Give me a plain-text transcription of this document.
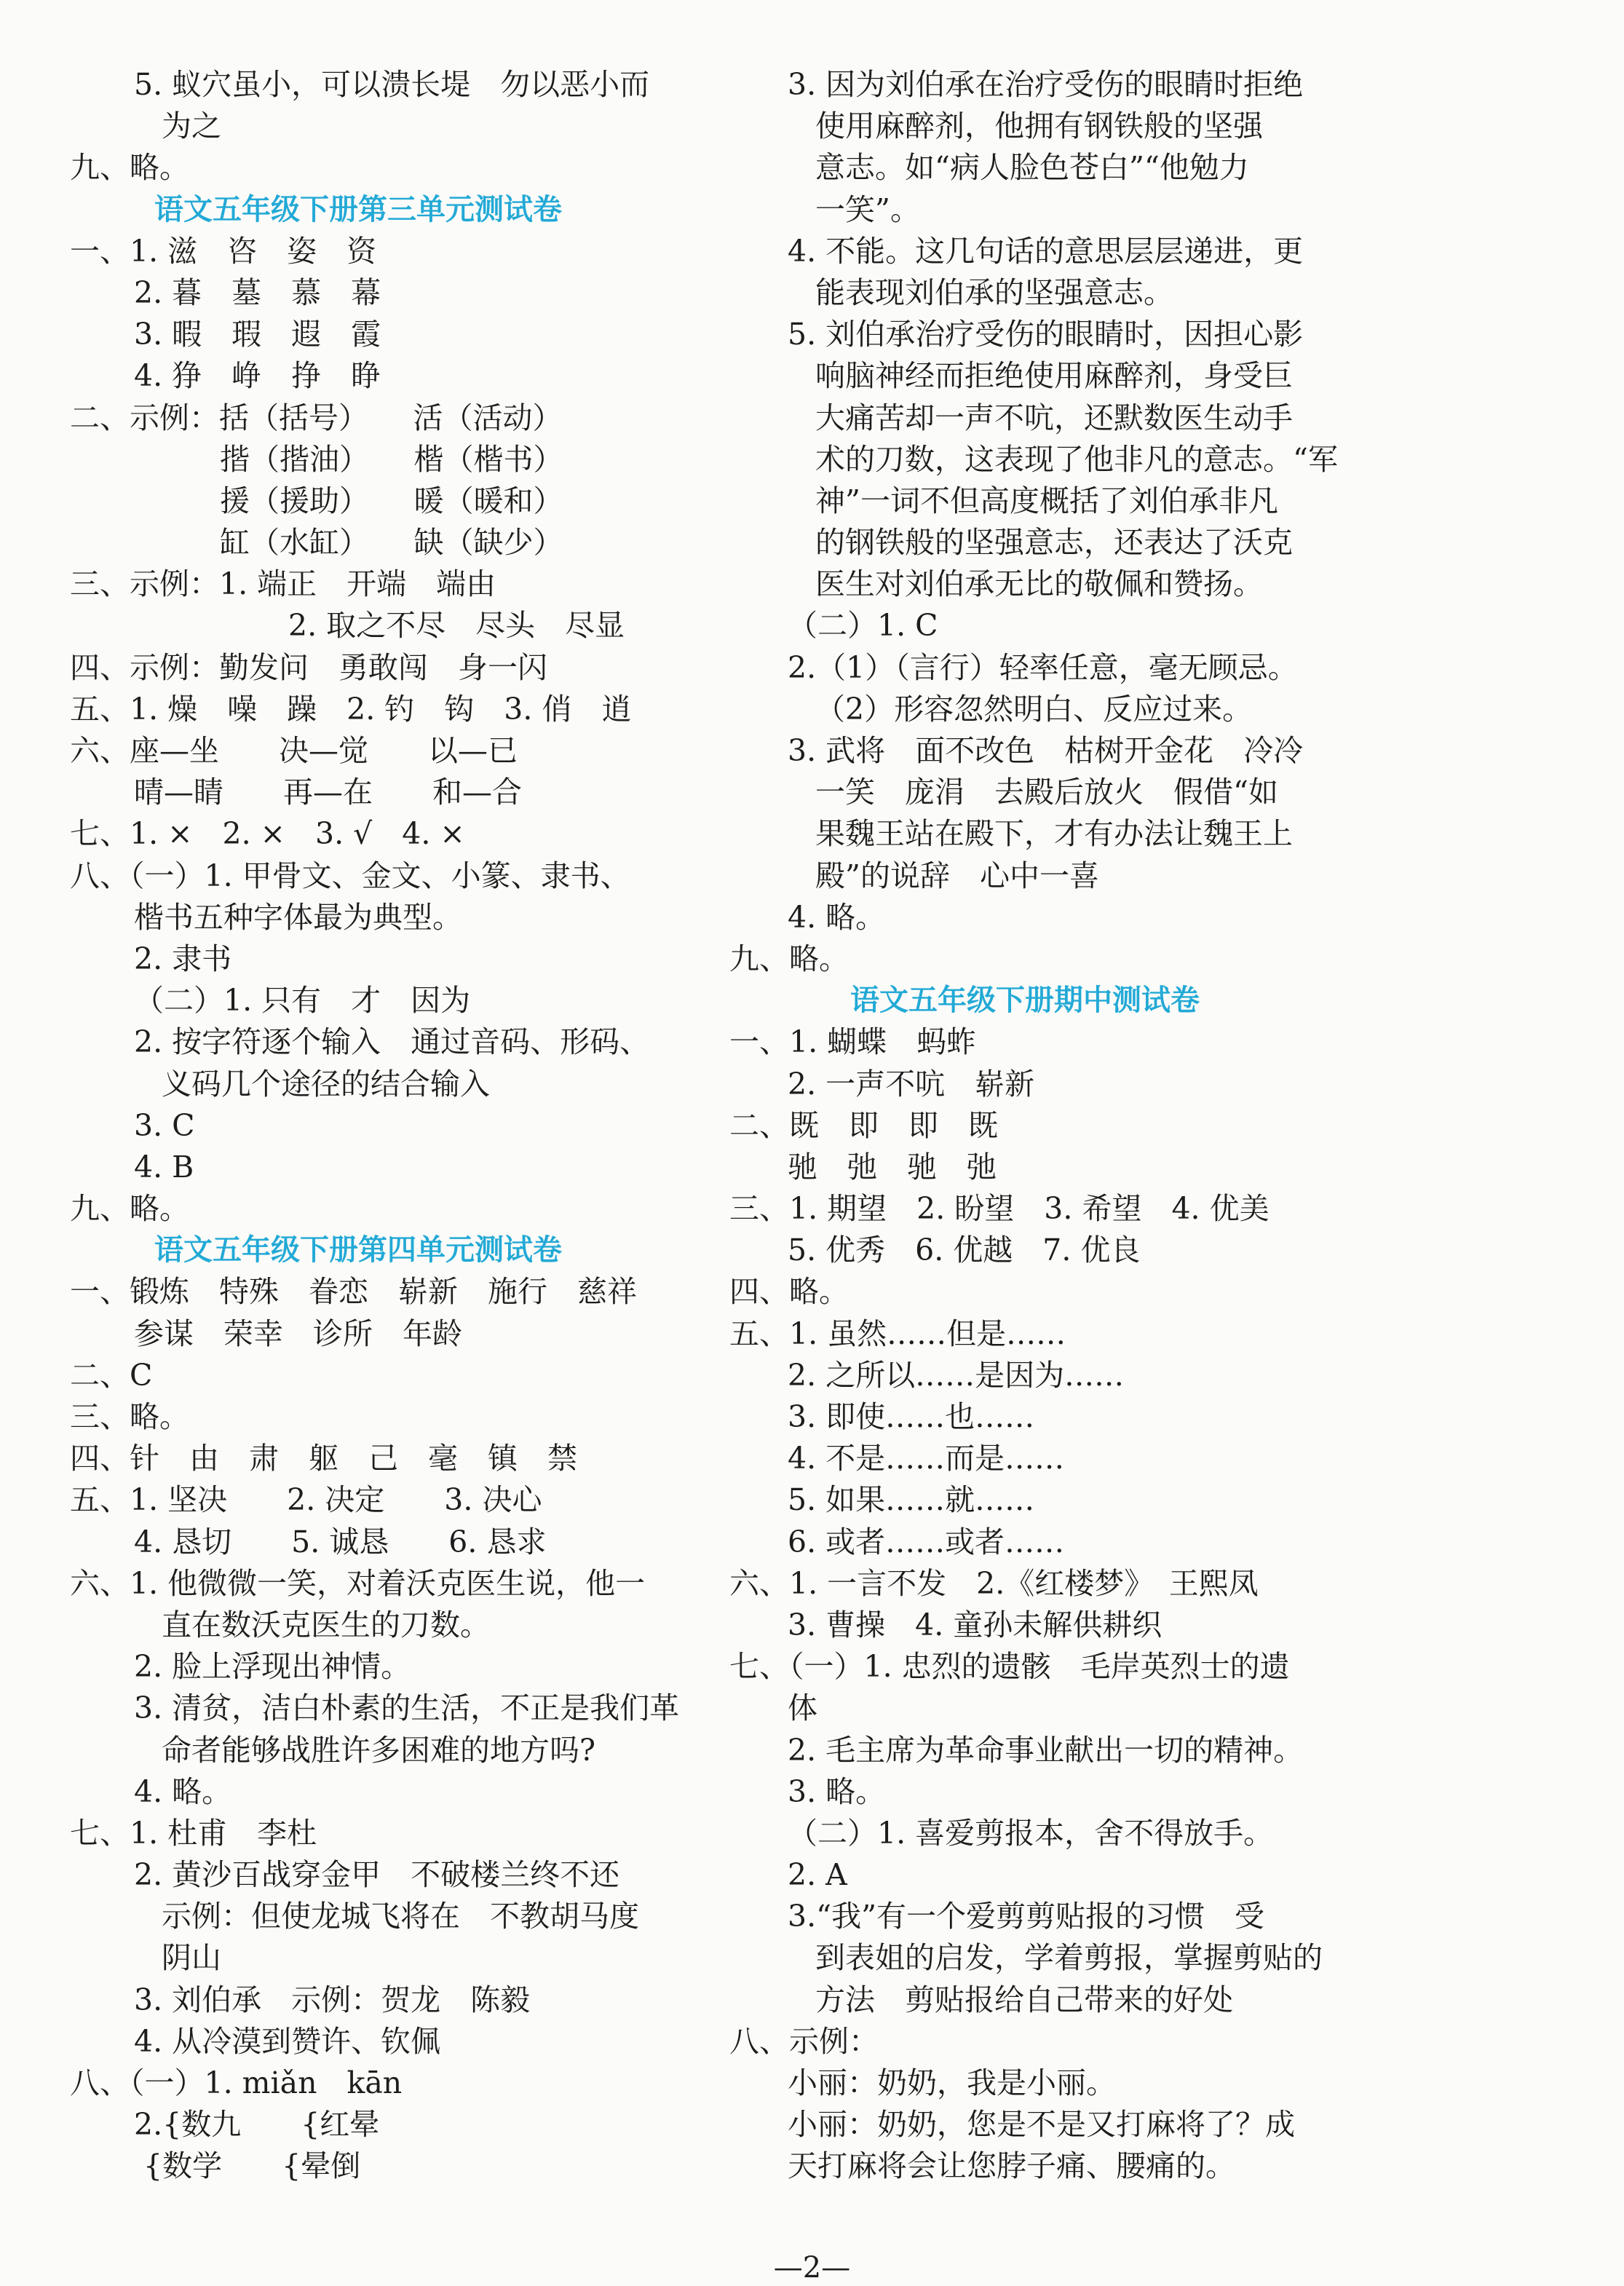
5. 蚁穴虽小，可以溃长堤　勿以恶小而
为之
九、略。
语文五年级下册第三单元测试卷
一、1. 滋　咨　姿　资
2. 暮　墓　慕　幕
3. 暇　瑕　遐　霞
4. 狰　峥　挣　睁
二、示例：括（括号）　　活（活动）
揩（揩油）　　楷（楷书）
援（援助）　　暖（暖和）
缸（水缸）　　缺（缺少）
三、示例：1. 端正　开端　端由
2. 取之不尽　尽头　尽显
四、示例：勤发问　勇敢闯　身一闪
五、1. 燥　噪　躁　2. 钓　钩　3. 俏　逍
六、座—坐　　决—觉　　以—已
晴—睛　　再—在　　和—合
七、1. ×　2. ×　3. √　4. ×
八、（一）1. 甲骨文、金文、小篆、隶书、
楷书五种字体最为典型。
2. 隶书
（二）1. 只有　才　因为
2. 按字符逐个输入　通过音码、形码、
义码几个途径的结合输入
3. C
4. B
九、略。
语文五年级下册第四单元测试卷
一、锻炼　特殊　眷恋　崭新　施行　慈祥
参谋　荣幸　诊所　年龄
二、C
三、略。
四、针　由　肃　躯　己　毫　镇　禁
五、1. 坚决　　2. 决定　　3. 决心
4. 恳切　　5. 诚恳　　6. 恳求
六、1. 他微微一笑，对着沃克医生说，他一
直在数沃克医生的刀数。
2. 脸上浮现出神情。
3. 清贫，洁白朴素的生活，不正是我们革
命者能够战胜许多困难的地方吗?
4. 略。
七、1. 杜甫　李杜
2. 黄沙百战穿金甲　不破楼兰终不还
示例：但使龙城飞将在　不教胡马度
阴山
3. 刘伯承　示例：贺龙　陈毅
4. 从冷漠到赞许、钦佩
八、（一）1. miǎn　kān
2.{数九　　{红晕
{数学　　{晕倒
3. 因为刘伯承在治疗受伤的眼睛时拒绝
使用麻醉剂，他拥有钢铁般的坚强
意志。如“病人脸色苍白”“他勉力
一笑”。
4. 不能。这几句话的意思层层递进，更
能表现刘伯承的坚强意志。
5. 刘伯承治疗受伤的眼睛时，因担心影
响脑神经而拒绝使用麻醉剂，身受巨
大痛苦却一声不吭，还默数医生动手
术的刀数，这表现了他非凡的意志。“军
神”一词不但高度概括了刘伯承非凡
的钢铁般的坚强意志，还表达了沃克
医生对刘伯承无比的敬佩和赞扬。
（二）1. C
2.（1）（言行）轻率任意，毫无顾忌。
（2）形容忽然明白、反应过来。
3. 武将　面不改色　枯树开金花　冷冷
一笑　庞涓　去殿后放火　假借“如
果魏王站在殿下，才有办法让魏王上
殿”的说辞　心中一喜
4. 略。
九、略。
语文五年级下册期中测试卷
一、1. 蝴蝶　蚂蚱
2. 一声不吭　崭新
二、既　即　即　既
驰　弛　驰　弛
三、1. 期望　2. 盼望　3. 希望　4. 优美
5. 优秀　6. 优越　7. 优良
四、略。
五、1. 虽然……但是……
2. 之所以……是因为……
3. 即使……也……
4. 不是……而是……
5. 如果……就……
6. 或者……或者……
六、1. 一言不发　2.《红楼梦》　王熙凤
3. 曹操　4. 童孙未解供耕织
七、（一）1. 忠烈的遗骸　毛岸英烈士的遗
体
2. 毛主席为革命事业献出一切的精神。
3. 略。
（二）1. 喜爱剪报本，舍不得放手。
2. A
3.“我”有一个爱剪剪贴报的习惯　受
到表姐的启发，学着剪报，掌握剪贴的
方法　剪贴报给自己带来的好处
八、示例：
小丽：奶奶，我是小丽。
小丽：奶奶，您是不是又打麻将了？成
天打麻将会让您脖子痛、腰痛的。
—2—
